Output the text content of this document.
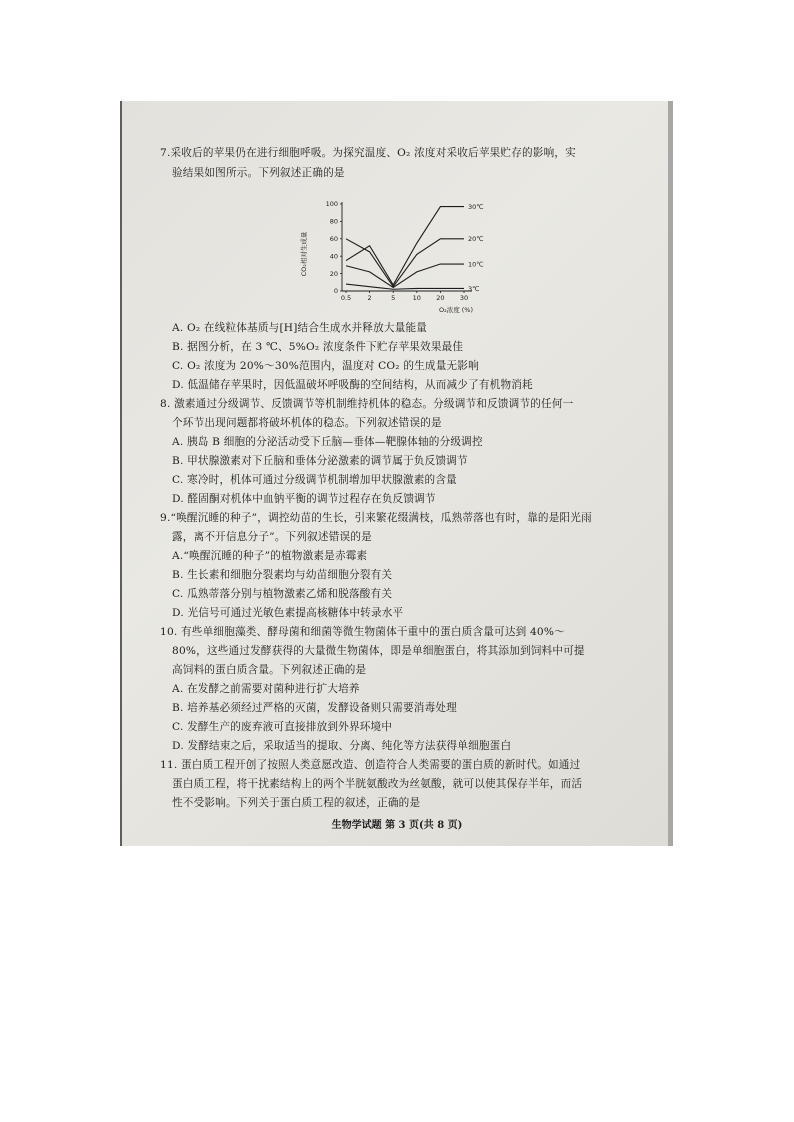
7.采收后的苹果仍在进行细胞呼吸。为探究温度、O₂ 浓度对采收后苹果贮存的影响，实
验结果如图所示。下列叙述正确的是
CO₂相对生成量
100
80
60
40
20
0
0.5	2	5	10 20 30
30℃
20℃
10℃
3℃
O₂浓度 (%)
A. O₂ 在线粒体基质与[H]结合生成水并释放大量能量
B. 据图分析，在 3 ℃、5%O₂ 浓度条件下贮存苹果效果最佳
C. O₂ 浓度为 20%～30%范围内，温度对 CO₂ 的生成量无影响
D. 低温储存苹果时，因低温破坏呼吸酶的空间结构，从而减少了有机物消耗
8. 激素通过分级调节、反馈调节等机制维持机体的稳态。分级调节和反馈调节的任何一
个环节出现问题都将破坏机体的稳态。下列叙述错误的是
A. 胰岛 B 细胞的分泌活动受下丘脑—垂体—靶腺体轴的分级调控
B. 甲状腺激素对下丘脑和垂体分泌激素的调节属于负反馈调节
C. 寒冷时，机体可通过分级调节机制增加甲状腺激素的含量
D. 醛固酮对机体中血钠平衡的调节过程存在负反馈调节
9.“唤醒沉睡的种子”，调控幼苗的生长，引来繁花缀满枝，瓜熟蒂落也有时，靠的是阳光雨
露，离不开信息分子”。下列叙述错误的是
A.“唤醒沉睡的种子”的植物激素是赤霉素
B. 生长素和细胞分裂素均与幼苗细胞分裂有关
C. 瓜熟蒂落分别与植物激素乙烯和脱落酸有关
D. 光信号可通过光敏色素提高核糖体中转录水平
10. 有些单细胞藻类、酵母菌和细菌等微生物菌体干重中的蛋白质含量可达到 40%～
80%，这些通过发酵获得的大量微生物菌体，即是单细胞蛋白，将其添加到饲料中可提
高饲料的蛋白质含量。下列叙述正确的是
A. 在发酵之前需要对菌种进行扩大培养
B. 培养基必须经过严格的灭菌，发酵设备则只需要消毒处理
C. 发酵生产的废弃液可直接排放到外界环境中
D. 发酵结束之后，采取适当的提取、分离、纯化等方法获得单细胞蛋白
11. 蛋白质工程开创了按照人类意愿改造、创造符合人类需要的蛋白质的新时代。如通过
蛋白质工程，将干扰素结构上的两个半胱氨酸改为丝氨酸，就可以使其保存半年，而活
性不受影响。下列关于蛋白质工程的叙述，正确的是
生物学试题 第 3 页(共 8 页)
